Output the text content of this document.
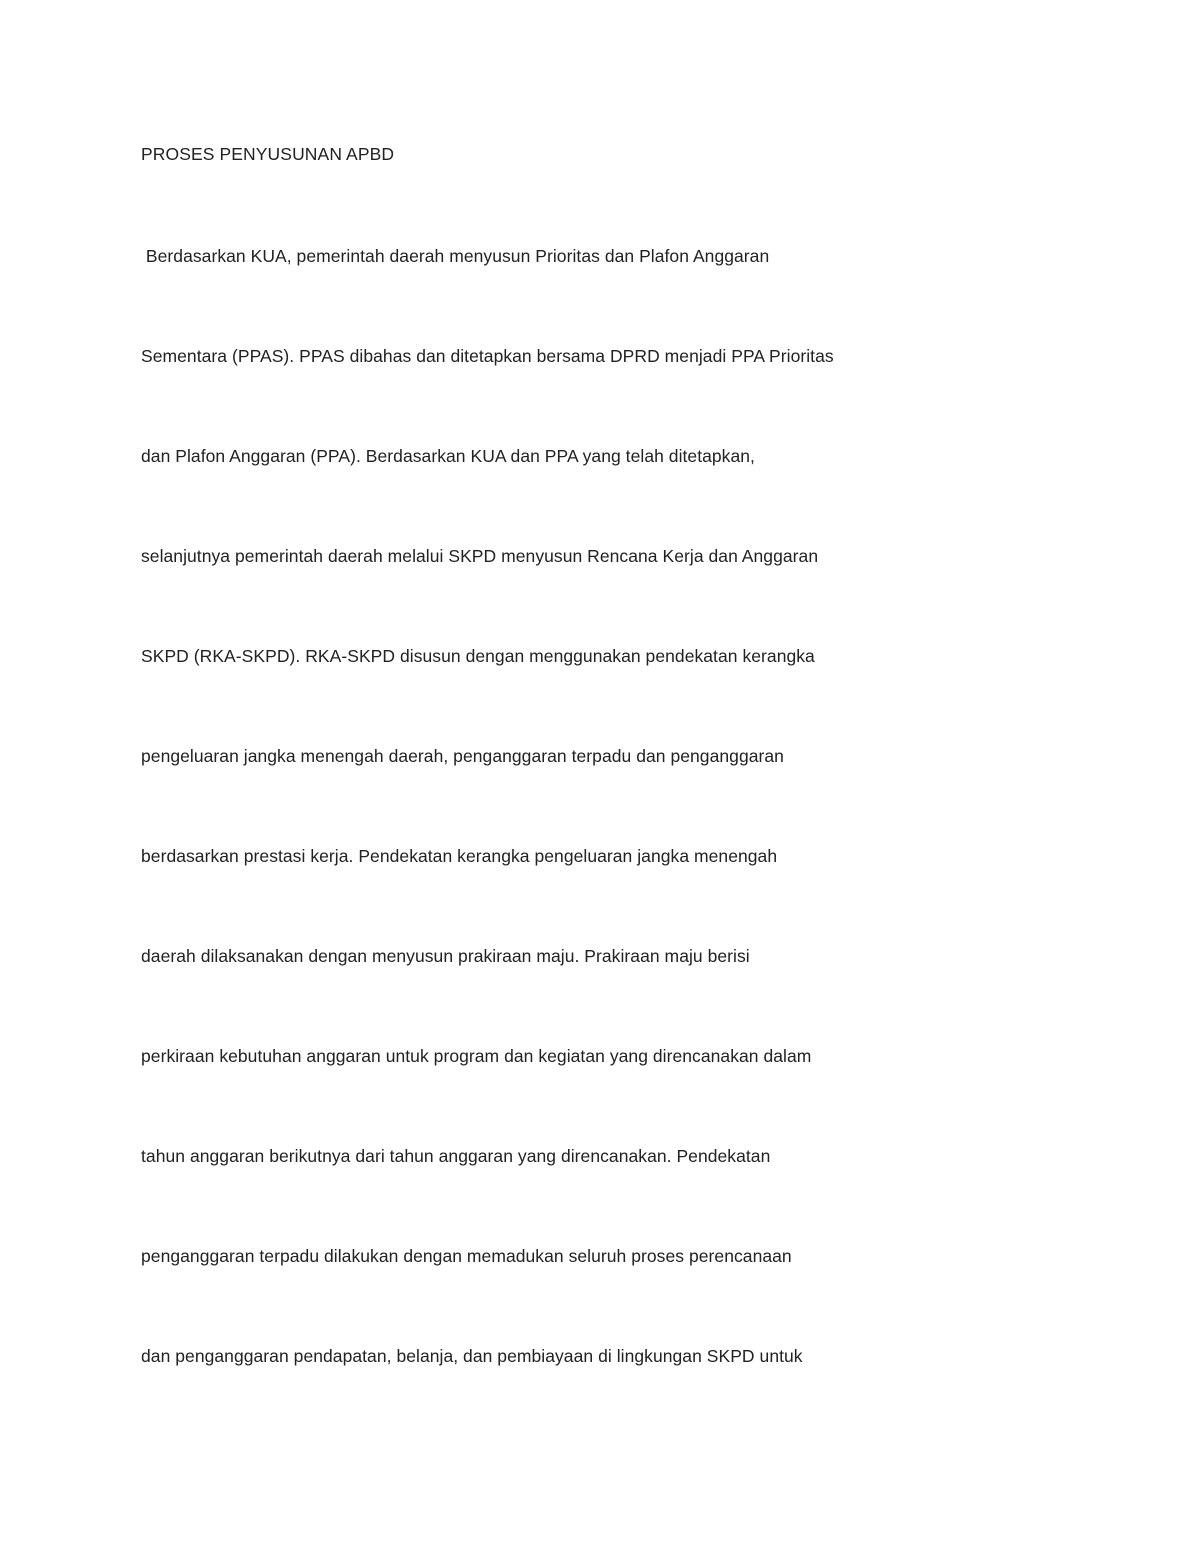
PROSES PENYUSUNAN APBD
Berdasarkan KUA, pemerintah daerah menyusun Prioritas dan Plafon Anggaran
Sementara (PPAS). PPAS dibahas dan ditetapkan bersama DPRD menjadi PPA Prioritas
dan Plafon Anggaran (PPA). Berdasarkan KUA dan PPA yang telah ditetapkan,
selanjutnya pemerintah daerah melalui SKPD menyusun Rencana Kerja dan Anggaran
SKPD (RKA-SKPD). RKA-SKPD disusun dengan menggunakan pendekatan kerangka
pengeluaran jangka menengah daerah, penganggaran terpadu dan penganggaran
berdasarkan prestasi kerja. Pendekatan kerangka pengeluaran jangka menengah
daerah dilaksanakan dengan menyusun prakiraan maju. Prakiraan maju berisi
perkiraan kebutuhan anggaran untuk program dan kegiatan yang direncanakan dalam
tahun anggaran berikutnya dari tahun anggaran yang direncanakan. Pendekatan
penganggaran terpadu dilakukan dengan memadukan seluruh proses perencanaan
dan penganggaran pendapatan, belanja, dan pembiayaan di lingkungan SKPD untuk
